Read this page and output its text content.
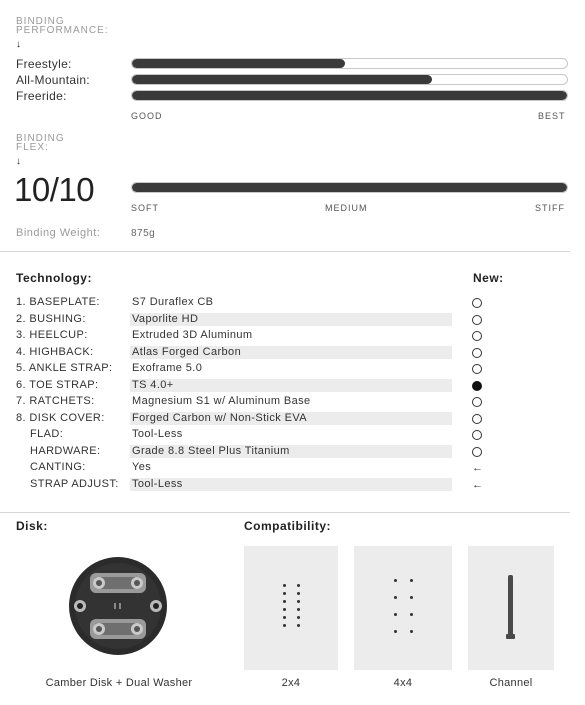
BINDING
PERFORMANCE:
↓
Freestyle:
All-Mountain:
Freeride:
GOOD	BEST
BINDING
FLEX:
↓
10/10	SOFT	MEDIUM	STIFF
Binding Weight:	875g
Technology:	New:
1. BASEPLATE:	S7 Duraflex CB
2. BUSHING:	Vaporlite HD
3. HEELCUP:	Extruded 3D Aluminum
4. HIGHBACK:	Atlas Forged Carbon
5. ANKLE STRAP: Exoframe 5.0
6. TOE STRAP:	TS 4.0+
7. RATCHETS:	Magnesium S1 w/ Aluminum Base
8. DISK COVER: Forged Carbon w/ Non-Stick EVA
FLAD:	Tool-Less
HARDWARE:	Grade 8.8 Steel Plus Titanium
CANTING:	Yes	←
STRAP ADJUST: Tool-Less	←
Disk:
Camber Disk + Dual Washer
Compatibility:
2x4	4x4	Channel
